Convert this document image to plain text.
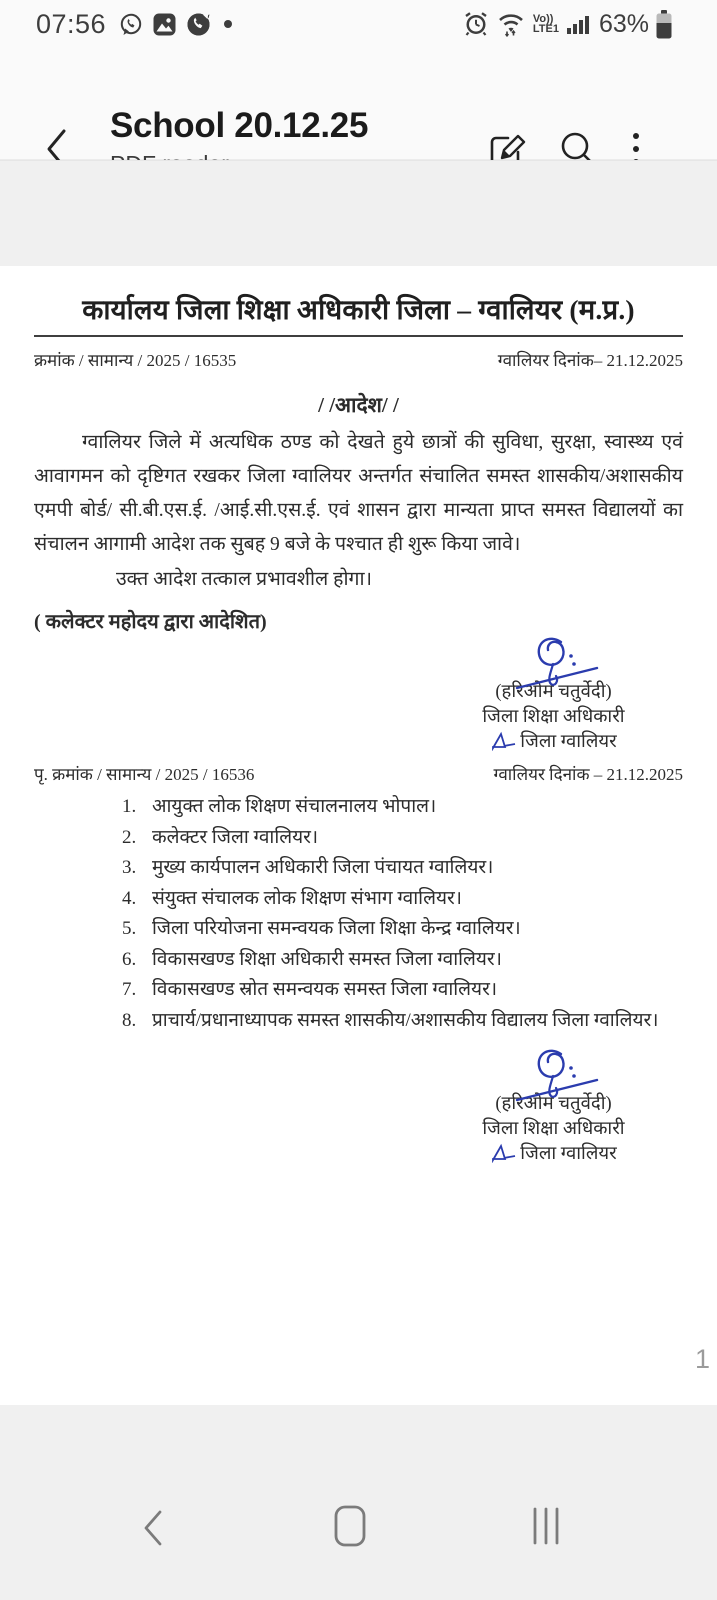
07:56	Vo))
LTE1 63%
School 20.12.25
कार्यालय जिला शिक्षा अधिकारी जिला – ग्वालियर (म.प्र.)
क्रमांक / सामान्य / 2025 / 16535	ग्वालियर दिनांक– 21.12.2025
/ /आदेश/ /
ग्वालियर जिले में अत्यधिक ठण्ड को देखते हुये छात्रों की सुविधा, सुरक्षा, स्वास्थ्य एवं आवागमन को दृष्टिगत रखकर जिला ग्वालियर अन्तर्गत संचालित समस्त शासकीय/अशासकीय एमपी बोर्ड/ सी.बी.एस.ई. /आई.सी.एस.ई. एवं शासन द्वारा मान्यता प्राप्त समस्त विद्यालयों का संचालन आगामी आदेश तक सुबह 9 बजे के पश्चात ही शुरू किया जावे।
उक्त आदेश तत्काल प्रभावशील होगा।
( कलेक्टर महोदय द्वारा आदेशित)
(हरिओम चतुर्वेदी)
जिला शिक्षा अधिकारी
जिला ग्वालियर
पृ. क्रमांक / सामान्य / 2025 / 16536	ग्वालियर दिनांक – 21.12.2025
1. आयुक्त लोक शिक्षण संचालनालय भोपाल।
2. कलेक्टर जिला ग्वालियर।
3. मुख्य कार्यपालन अधिकारी जिला पंचायत ग्वालियर।
4. संयुक्त संचालक लोक शिक्षण संभाग ग्वालियर।
5. जिला परियोजना समन्वयक जिला शिक्षा केन्द्र ग्वालियर।
6. विकासखण्ड शिक्षा अधिकारी समस्त जिला ग्वालियर।
7. विकासखण्ड स्रोत समन्वयक समस्त जिला ग्वालियर।
8. प्राचार्य/प्रधानाध्यापक समस्त शासकीय/अशासकीय विद्यालय जिला ग्वालियर।
(हरिओम चतुर्वेदी)
जिला शिक्षा अधिकारी
जिला ग्वालियर
1
